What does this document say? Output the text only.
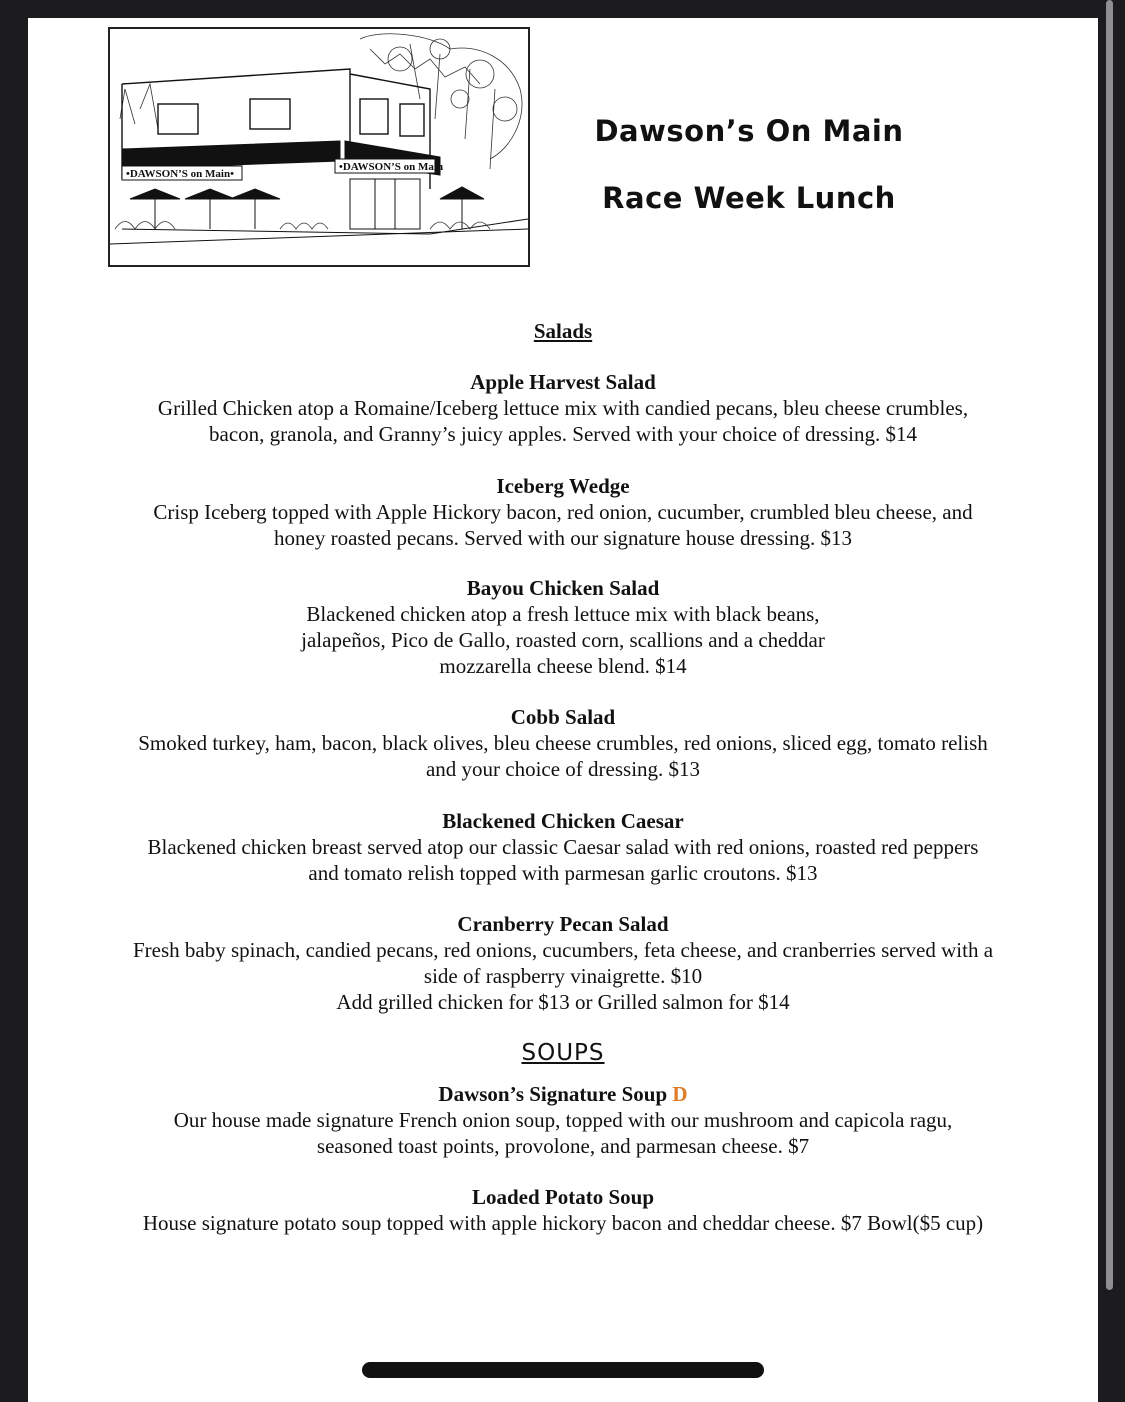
•DAWSON’S on Main•
•DAWSON’S on Main
Dawson’s On Main
Race Week Lunch
Salads
Apple Harvest Salad
Grilled Chicken atop a Romaine/Iceberg lettuce mix with candied pecans, bleu cheese crumbles,
bacon, granola, and Granny’s juicy apples. Served with your choice of dressing. $14
Iceberg Wedge
Crisp Iceberg topped with Apple Hickory bacon, red onion, cucumber, crumbled bleu cheese, and
honey roasted pecans. Served with our signature house dressing. $13
Bayou Chicken Salad
Blackened chicken atop a fresh lettuce mix with black beans,
jalapeños, Pico de Gallo, roasted corn, scallions and a cheddar
mozzarella cheese blend. $14
Cobb Salad
Smoked turkey, ham, bacon, black olives, bleu cheese crumbles, red onions, sliced egg, tomato relish
and your choice of dressing. $13
Blackened Chicken Caesar
Blackened chicken breast served atop our classic Caesar salad with red onions, roasted red peppers
and tomato relish topped with parmesan garlic croutons. $13
Cranberry Pecan Salad
Fresh baby spinach, candied pecans, red onions, cucumbers, feta cheese, and cranberries served with a
side of raspberry vinaigrette. $10
Add grilled chicken for $13 or Grilled salmon for $14
SOUPS
Dawson’s Signature Soup D
Our house made signature French onion soup, topped with our mushroom and capicola ragu,
seasoned toast points, provolone, and parmesan cheese. $7
Loaded Potato Soup
House signature potato soup topped with apple hickory bacon and cheddar cheese. $7 Bowl($5 cup)
